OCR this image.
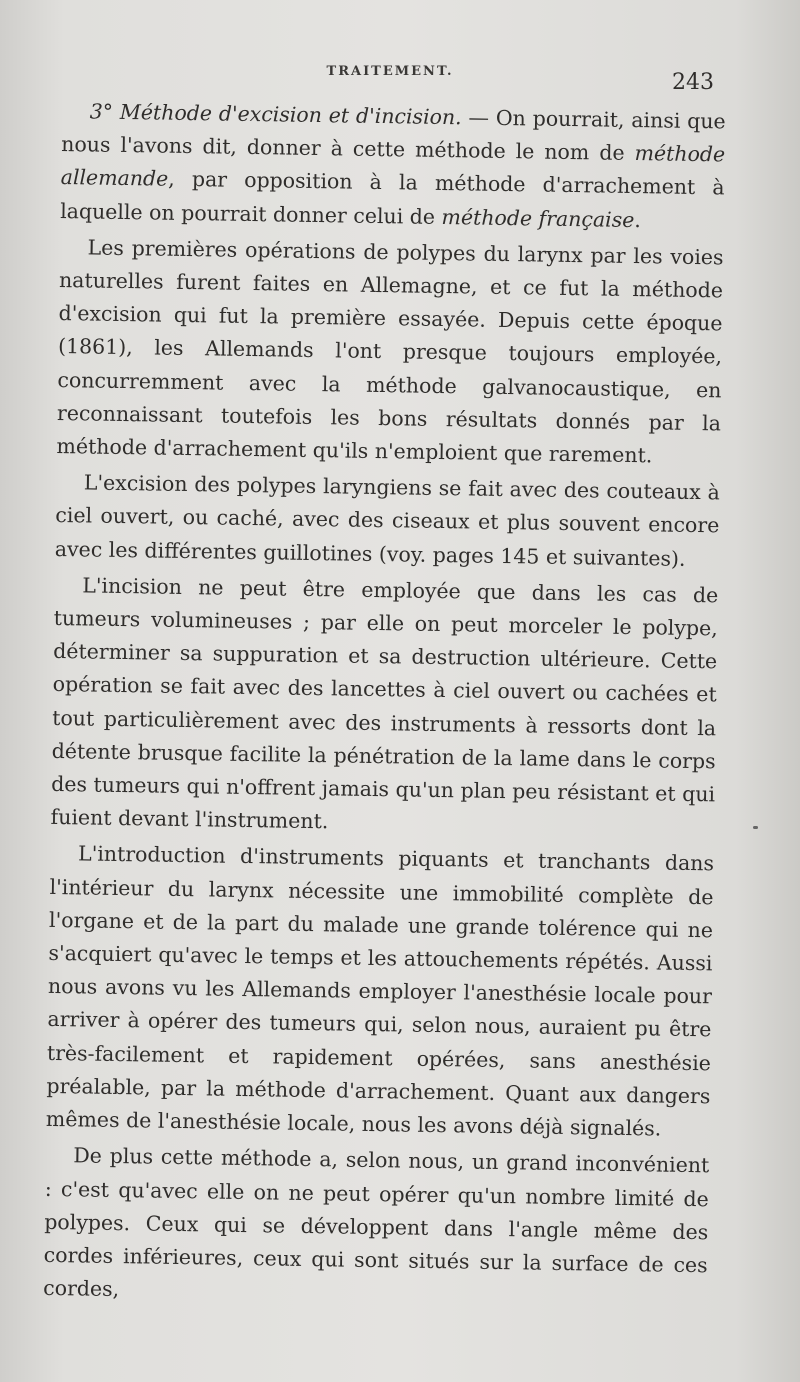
TRAITEMENT.	243

3° Méthode d'excision et d'incision. — On pourrait, ainsi que nous l'avons dit, donner à cette méthode le nom de méthode allemande, par opposition à la méthode d'arrachement à laquelle on pourrait donner celui de méthode française.

Les premières opérations de polypes du larynx par les voies naturelles furent faites en Allemagne, et ce fut la méthode d'excision qui fut la première essayée. Depuis cette époque (1861), les Allemands l'ont presque toujours employée, concurremment avec la méthode galvanocaustique, en reconnaissant toutefois les bons résultats donnés par la méthode d'arrachement qu'ils n'emploient que rarement.

L'excision des polypes laryngiens se fait avec des couteaux à ciel ouvert, ou caché, avec des ciseaux et plus souvent encore avec les différentes guillotines (voy. pages 145 et suivantes).

L'incision ne peut être employée que dans les cas de tumeurs volumineuses ; par elle on peut morceler le polype, déterminer sa suppuration et sa destruction ultérieure. Cette opération se fait avec des lancettes à ciel ouvert ou cachées et tout particulièrement avec des instruments à ressorts dont la détente brusque facilite la pénétration de la lame dans le corps des tumeurs qui n'offrent jamais qu'un plan peu résistant et qui fuient devant l'instrument.

L'introduction d'instruments piquants et tranchants dans l'intérieur du larynx nécessite une immobilité complète de l'organe et de la part du malade une grande tolérence qui ne s'acquiert qu'avec le temps et les attouchements répétés. Aussi nous avons vu les Allemands employer l'anesthésie locale pour arriver à opérer des tumeurs qui, selon nous, auraient pu être très-facilement et rapidement opérées, sans anesthésie préalable, par la méthode d'arrachement. Quant aux dangers mêmes de l'anesthésie locale, nous les avons déjà signalés.

De plus cette méthode a, selon nous, un grand inconvénient : c'est qu'avec elle on ne peut opérer qu'un nombre limité de polypes. Ceux qui se développent dans l'angle même des cordes inférieures, ceux qui sont situés sur la surface de ces cordes,
